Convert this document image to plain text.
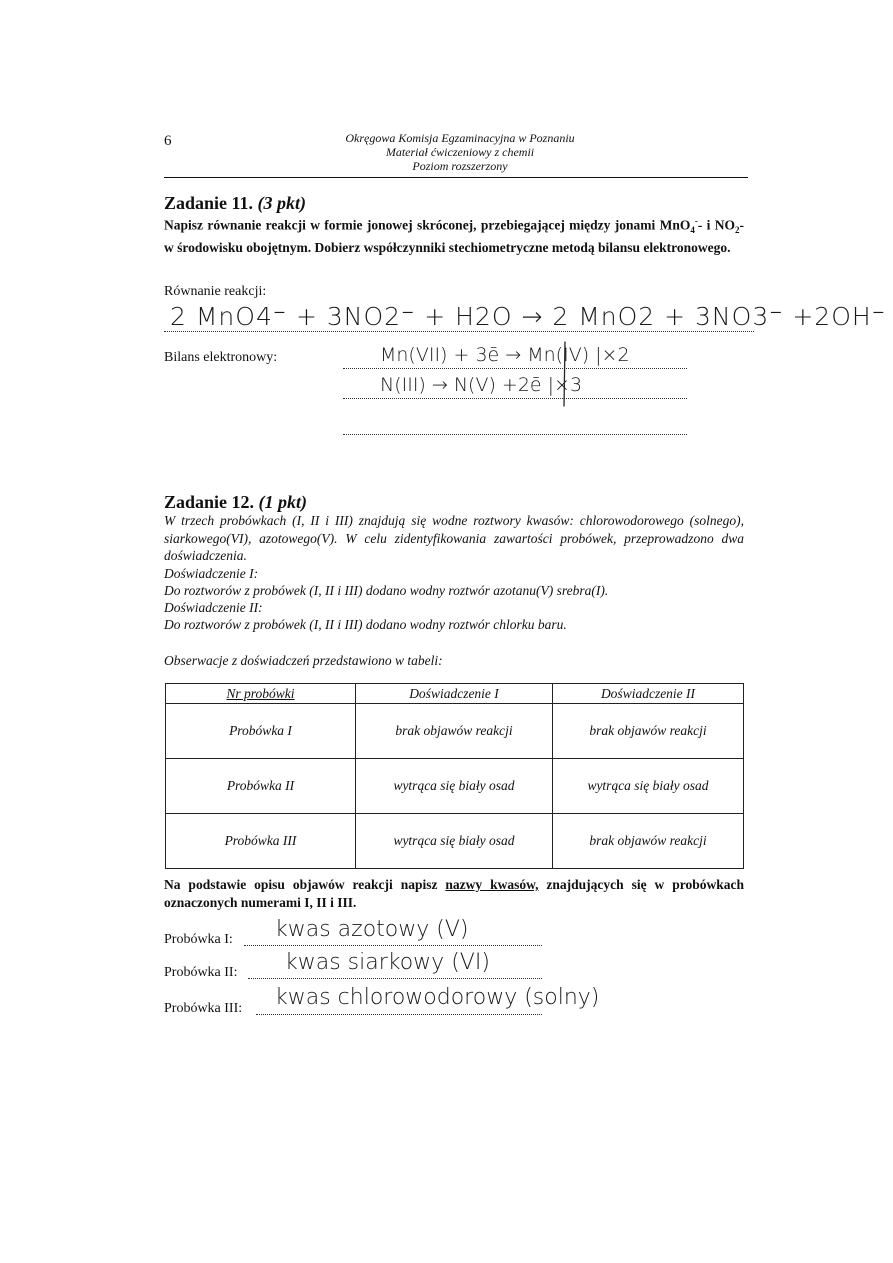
6	Okręgowa Komisja Egzaminacyjna w Poznaniu
Materiał ćwiczeniowy z chemii
Poziom rozszerzony
Zadanie 11. (3 pkt)
Napisz równanie reakcji w formie jonowej skróconej, przebiegającej między jonami MnO$_4$-- i $NO_2-$ w środowisku obojętnym. Dobierz współczynniki stechiometryczne metodą bilansu elektronowego.
Równanie reakcji:
2 MnO4⁻ + 3NO2⁻ + H2O → 2 MnO2 + 3NO3⁻ +2OH⁻
Bilans elektronowy:	Mn(VII) + 3ē → Mn(IV) |×2
N(III) → N(V) +2ē |×3
Zadanie 12. (1 pkt)
W trzech probówkach (I, II i III) znajdują się wodne roztwory kwasów: chlorowodorowego (solnego), siarkowego(VI), azotowego(V). W celu zidentyfikowania zawartości probówek, przeprowadzono dwa doświadczenia.
Doświadczenie I:
Do roztworów z probówek (I, II i III) dodano wodny roztwór azotanu(V) srebra(I).
Doświadczenie II:
Do roztworów z probówek (I, II i III) dodano wodny roztwór chlorku baru.
Obserwacje z doświadczeń przedstawiono w tabeli:
Nr probówki	Doświadczenie I	Doświadczenie II
Probówka I	brak objawów reakcji	brak objawów reakcji
Probówka II	wytrąca się biały osad	wytrąca się biały osad
Probówka III	wytrąca się biały osad	brak objawów reakcji
Na podstawie opisu objawów reakcji napisz nazwy kwasów, znajdujących się w probówkach oznaczonych numerami I, II i III.
Probówka I: kwas azotowy (V)
Probówka II: kwas siarkowy (VI)
Probówka III: kwas chlorowodorowy (solny)
